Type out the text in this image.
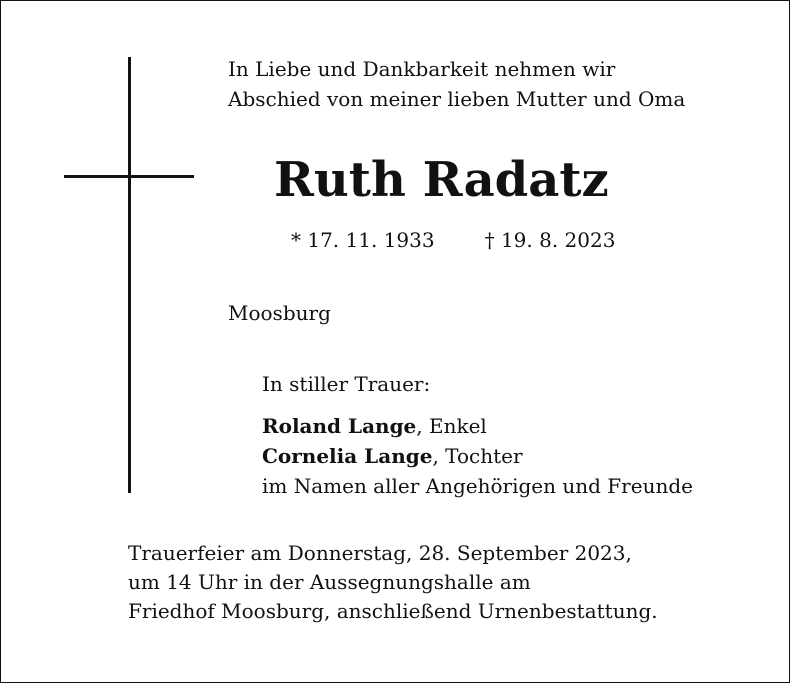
In Liebe und Dankbarkeit nehmen wir
Abschied von meiner lieben Mutter und Oma
Ruth Radatz
* 17. 11. 1933	† 19. 8. 2023
Moosburg
In stiller Trauer:
Roland Lange, Enkel
Cornelia Lange, Tochter
im Namen aller Angehörigen und Freunde
Trauerfeier am Donnerstag, 28. September 2023,
um 14 Uhr in der Aussegnungshalle am
Friedhof Moosburg, anschließend Urnenbestattung.
